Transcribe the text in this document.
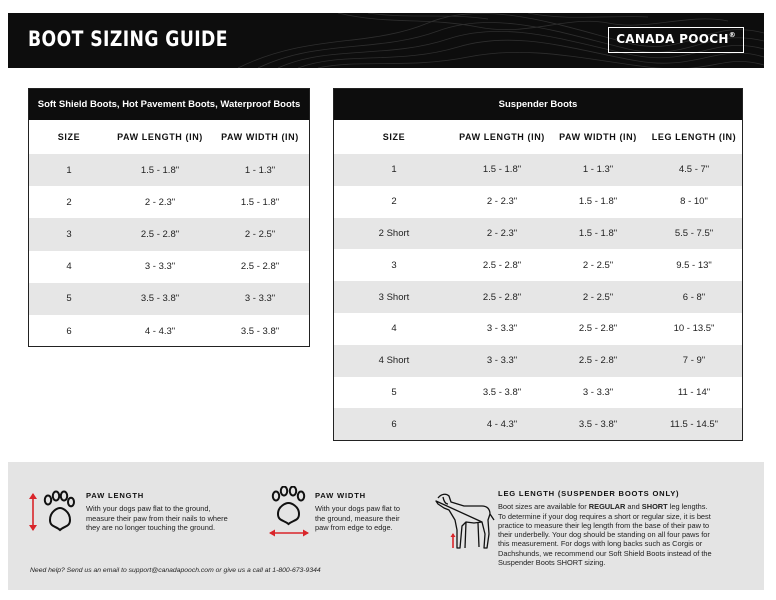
BOOT SIZING GUIDE	CANADA POOCH®
Soft Shield Boots, Hot Pavement Boots, Waterproof Boots
SIZE	PAW LENGTH (IN)	PAW WIDTH (IN)
1	1.5 - 1.8"	1 - 1.3"
2	2 - 2.3"	1.5 - 1.8"
3	2.5 - 2.8"	2 - 2.5"
4	3 - 3.3"	2.5 - 2.8"
5	3.5 - 3.8"	3 - 3.3"
6	4 - 4.3"	3.5 - 3.8"
Suspender Boots
SIZE	PAW LENGTH (IN)	PAW WIDTH (IN)	LEG LENGTH (IN)
1	1.5 - 1.8"	1 - 1.3"	4.5 - 7"
2	2 - 2.3"	1.5 - 1.8"	8 - 10"
2 Short	2 - 2.3"	1.5 - 1.8"	5.5 - 7.5"
3	2.5 - 2.8"	2 - 2.5"	9.5 - 13"
3 Short	2.5 - 2.8"	2 - 2.5"	6 - 8"
4	3 - 3.3"	2.5 - 2.8"	10 - 13.5"
4 Short	3 - 3.3"	2.5 - 2.8"	7 - 9"
5	3.5 - 3.8"	3 - 3.3"	11 - 14"
6	4 - 4.3"	3.5 - 3.8"	11.5 - 14.5"
PAW LENGTH
With your dogs paw flat to the ground,
measure their paw from their nails to where
they are no longer touching the ground.
PAW WIDTH
With your dogs paw flat to
the ground, measure their
paw from edge to edge.
LEG LENGTH (SUSPENDER BOOTS ONLY)
Boot sizes are available for REGULAR and SHORT leg lengths.
To determine if your dog requires a short or regular size, it is best
practice to measure their leg length from the base of their paw to
their underbelly. Your dog should be standing on all four paws for
this measurement. For dogs with long backs such as Corgis or
Dachshunds, we recommend our Soft Shield Boots instead of the
Suspender Boots SHORT sizing.
Need help? Send us an email to support@canadapooch.com or give us a call at 1-800-673-9344
